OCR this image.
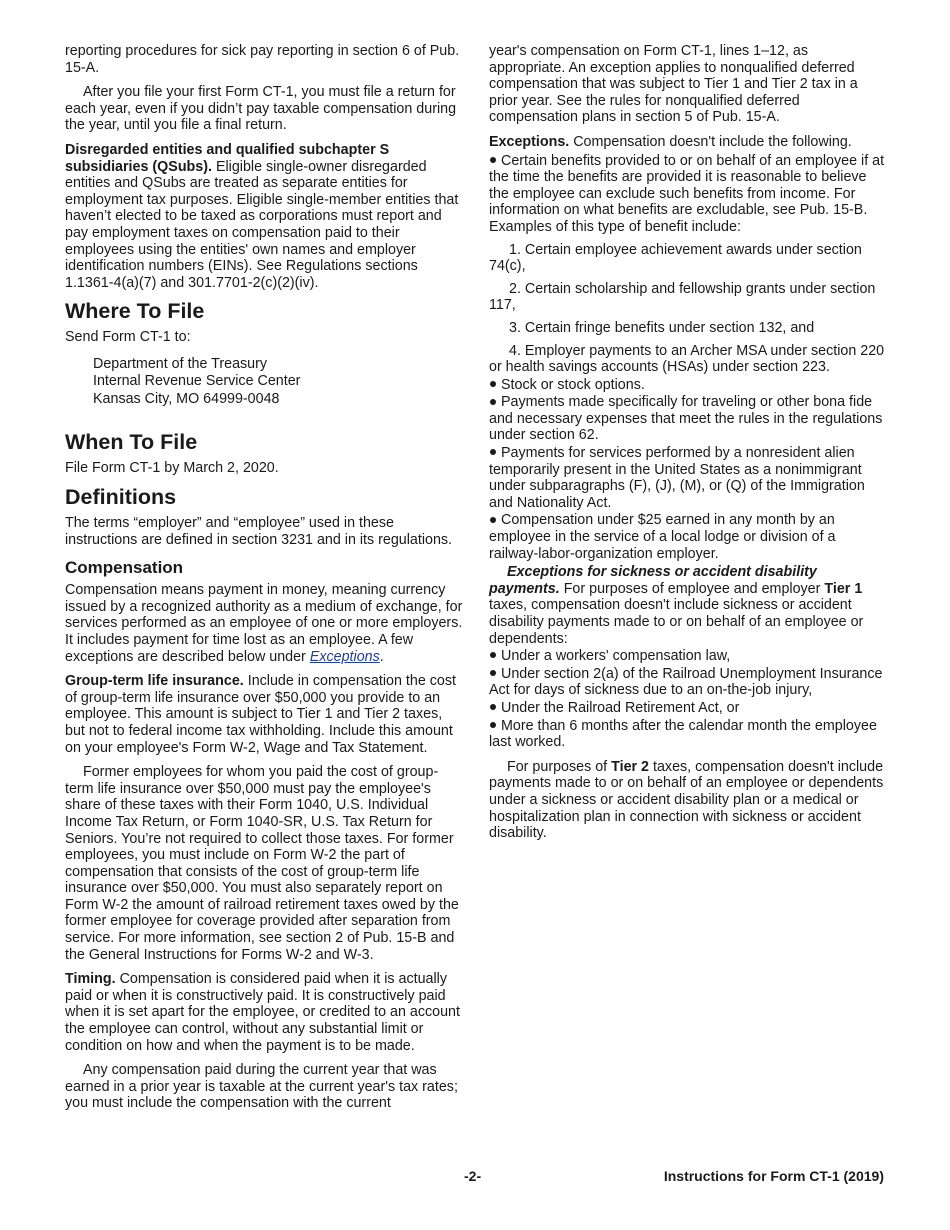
reporting procedures for sick pay reporting in section 6 of Pub. 15-A.

After you file your first Form CT-1, you must file a return for each year, even if you didn’t pay taxable compensation during the year, until you file a final return.

Disregarded entities and qualified subchapter S subsidiaries (QSubs). Eligible single-owner disregarded entities and QSubs are treated as separate entities for employment tax purposes. Eligible single-member entities that haven’t elected to be taxed as corporations must report and pay employment taxes on compensation paid to their employees using the entities' own names and employer identification numbers (EINs). See Regulations sections 1.1361-4(a)(7) and 301.7701-2(c)(2)(iv).

Where To File

Send Form CT-1 to:

Department of the Treasury
Internal Revenue Service Center
Kansas City, MO 64999-0048
When To File

File Form CT-1 by March 2, 2020.

Definitions

The terms “employer” and “employee” used in these instructions are defined in section 3231 and in its regulations.

Compensation

Compensation means payment in money, meaning currency issued by a recognized authority as a medium of exchange, for services performed as an employee of one or more employers. It includes payment for time lost as an employee. A few exceptions are described below under Exceptions.

Group-term life insurance. Include in compensation the cost of group-term life insurance over $50,000 you provide to an employee. This amount is subject to Tier 1 and Tier 2 taxes, but not to federal income tax withholding. Include this amount on your employee's Form W-2, Wage and Tax Statement.

Former employees for whom you paid the cost of group-term life insurance over $50,000 must pay the employee's share of these taxes with their Form 1040, U.S. Individual Income Tax Return, or Form 1040-SR, U.S. Tax Return for Seniors. You’re not required to collect those taxes. For former employees, you must include on Form W-2 the part of compensation that consists of the cost of group-term life insurance over $50,000. You must also separately report on Form W-2 the amount of railroad retirement taxes owed by the former employee for coverage provided after separation from service. For more information, see section 2 of Pub. 15-B and the General Instructions for Forms W-2 and W-3.

Timing. Compensation is considered paid when it is actually paid or when it is constructively paid. It is constructively paid when it is set apart for the employee, or credited to an account the employee can control, without any substantial limit or condition on how and when the payment is to be made.

Any compensation paid during the current year that was earned in a prior year is taxable at the current year's tax rates; you must include the compensation with the current

year's compensation on Form CT-1, lines 1–12, as appropriate. An exception applies to nonqualified deferred compensation that was subject to Tier 1 and Tier 2 tax in a prior year. See the rules for nonqualified deferred compensation plans in section 5 of Pub. 15-A.

Exceptions. Compensation doesn't include the following.

Certain benefits provided to or on behalf of an employee if at the time the benefits are provided it is reasonable to believe the employee can exclude such benefits from income. For information on what benefits are excludable, see Pub. 15-B. Examples of this type of benefit include:

1. Certain employee achievement awards under section 74(c),

2. Certain scholarship and fellowship grants under section 117,

3. Certain fringe benefits under section 132, and

4. Employer payments to an Archer MSA under section 220 or health savings accounts (HSAs) under section 223.

Stock or stock options.

Payments made specifically for traveling or other bona fide and necessary expenses that meet the rules in the regulations under section 62.

Payments for services performed by a nonresident alien temporarily present in the United States as a nonimmigrant under subparagraphs (F), (J), (M), or (Q) of the Immigration and Nationality Act.

Compensation under $25 earned in any month by an employee in the service of a local lodge or division of a railway-labor-organization employer.

Exceptions for sickness or accident disability payments. For purposes of employee and employer Tier 1 taxes, compensation doesn't include sickness or accident disability payments made to or on behalf of an employee or dependents:

Under a workers' compensation law,

Under section 2(a) of the Railroad Unemployment Insurance Act for days of sickness due to an on-the-job injury,

Under the Railroad Retirement Act, or

More than 6 months after the calendar month the employee last worked.

For purposes of Tier 2 taxes, compensation doesn't include payments made to or on behalf of an employee or dependents under a sickness or accident disability plan or a medical or hospitalization plan in connection with sickness or accident disability.

-2-	Instructions for Form CT-1 (2019)
